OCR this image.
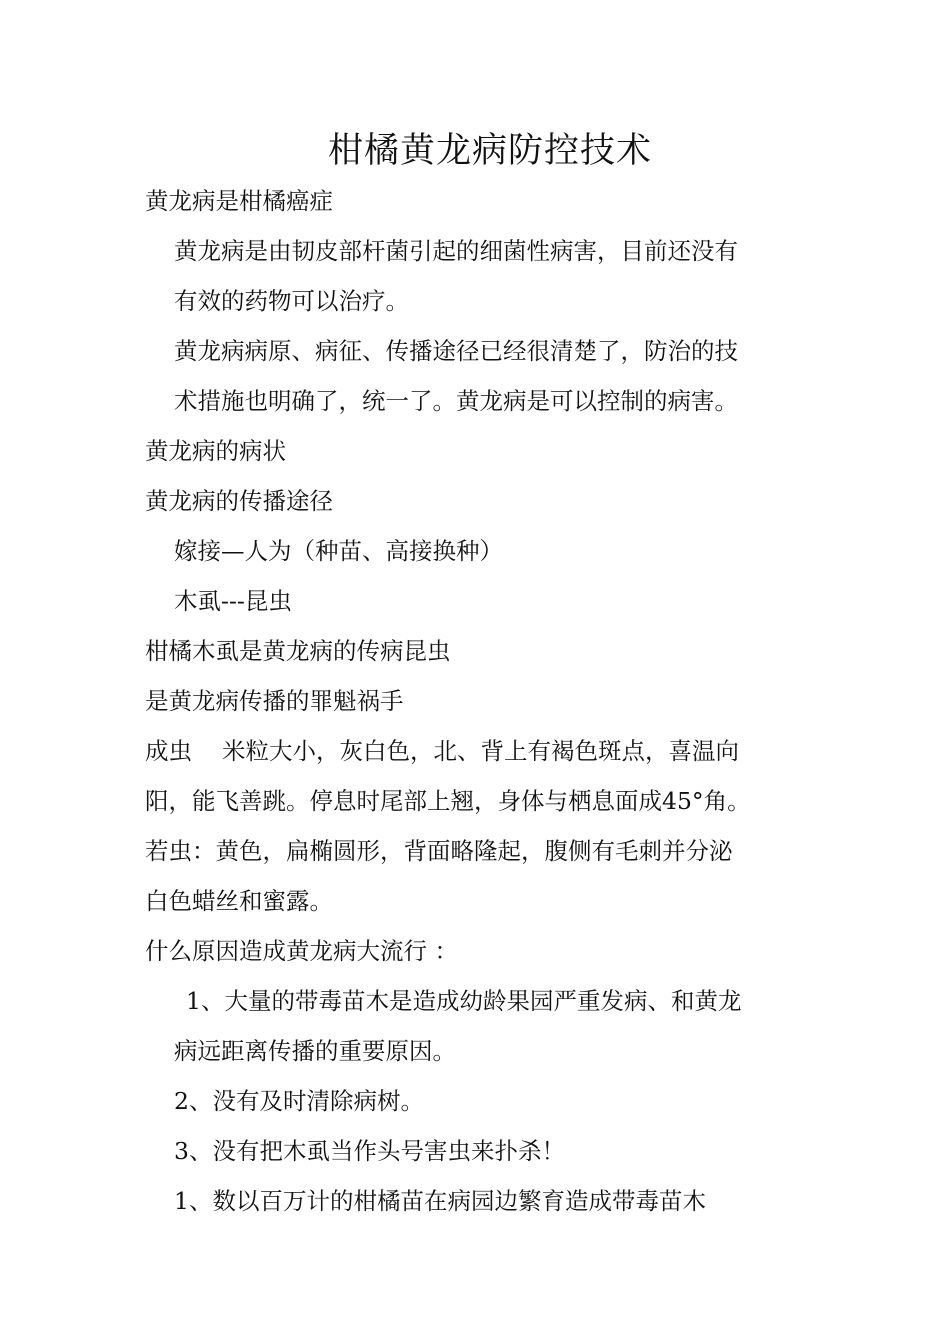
柑橘黄龙病防控技术

黄龙病是柑橘癌症

黄龙病是由韧皮部杆菌引起的细菌性病害，目前还没有

有效的药物可以治疗。

黄龙病病原、病征、传播途径已经很清楚了，防治的技

术措施也明确了，统一了。黄龙病是可以控制的病害。

黄龙病的病状

黄龙病的传播途径

嫁接—人为（种苗、高接换种）

木虱---昆虫

柑橘木虱是黄龙病的传病昆虫

是黄龙病传播的罪魁祸手

成虫 米粒大小，灰白色，北、背上有褐色斑点，喜温向

阳，能飞善跳。停息时尾部上翘，身体与栖息面成45°角。

若虫：黄色，扁椭圆形，背面略隆起，腹侧有毛刺并分泌

白色蜡丝和蜜露。

什么原因造成黄龙病大流行 ：

1、大量的带毒苗木是造成幼龄果园严重发病、和黄龙

病远距离传播的重要原因。

2、没有及时清除病树。

3、没有把木虱当作头号害虫来扑杀！

1、数以百万计的柑橘苗在病园边繁育造成带毒苗木
